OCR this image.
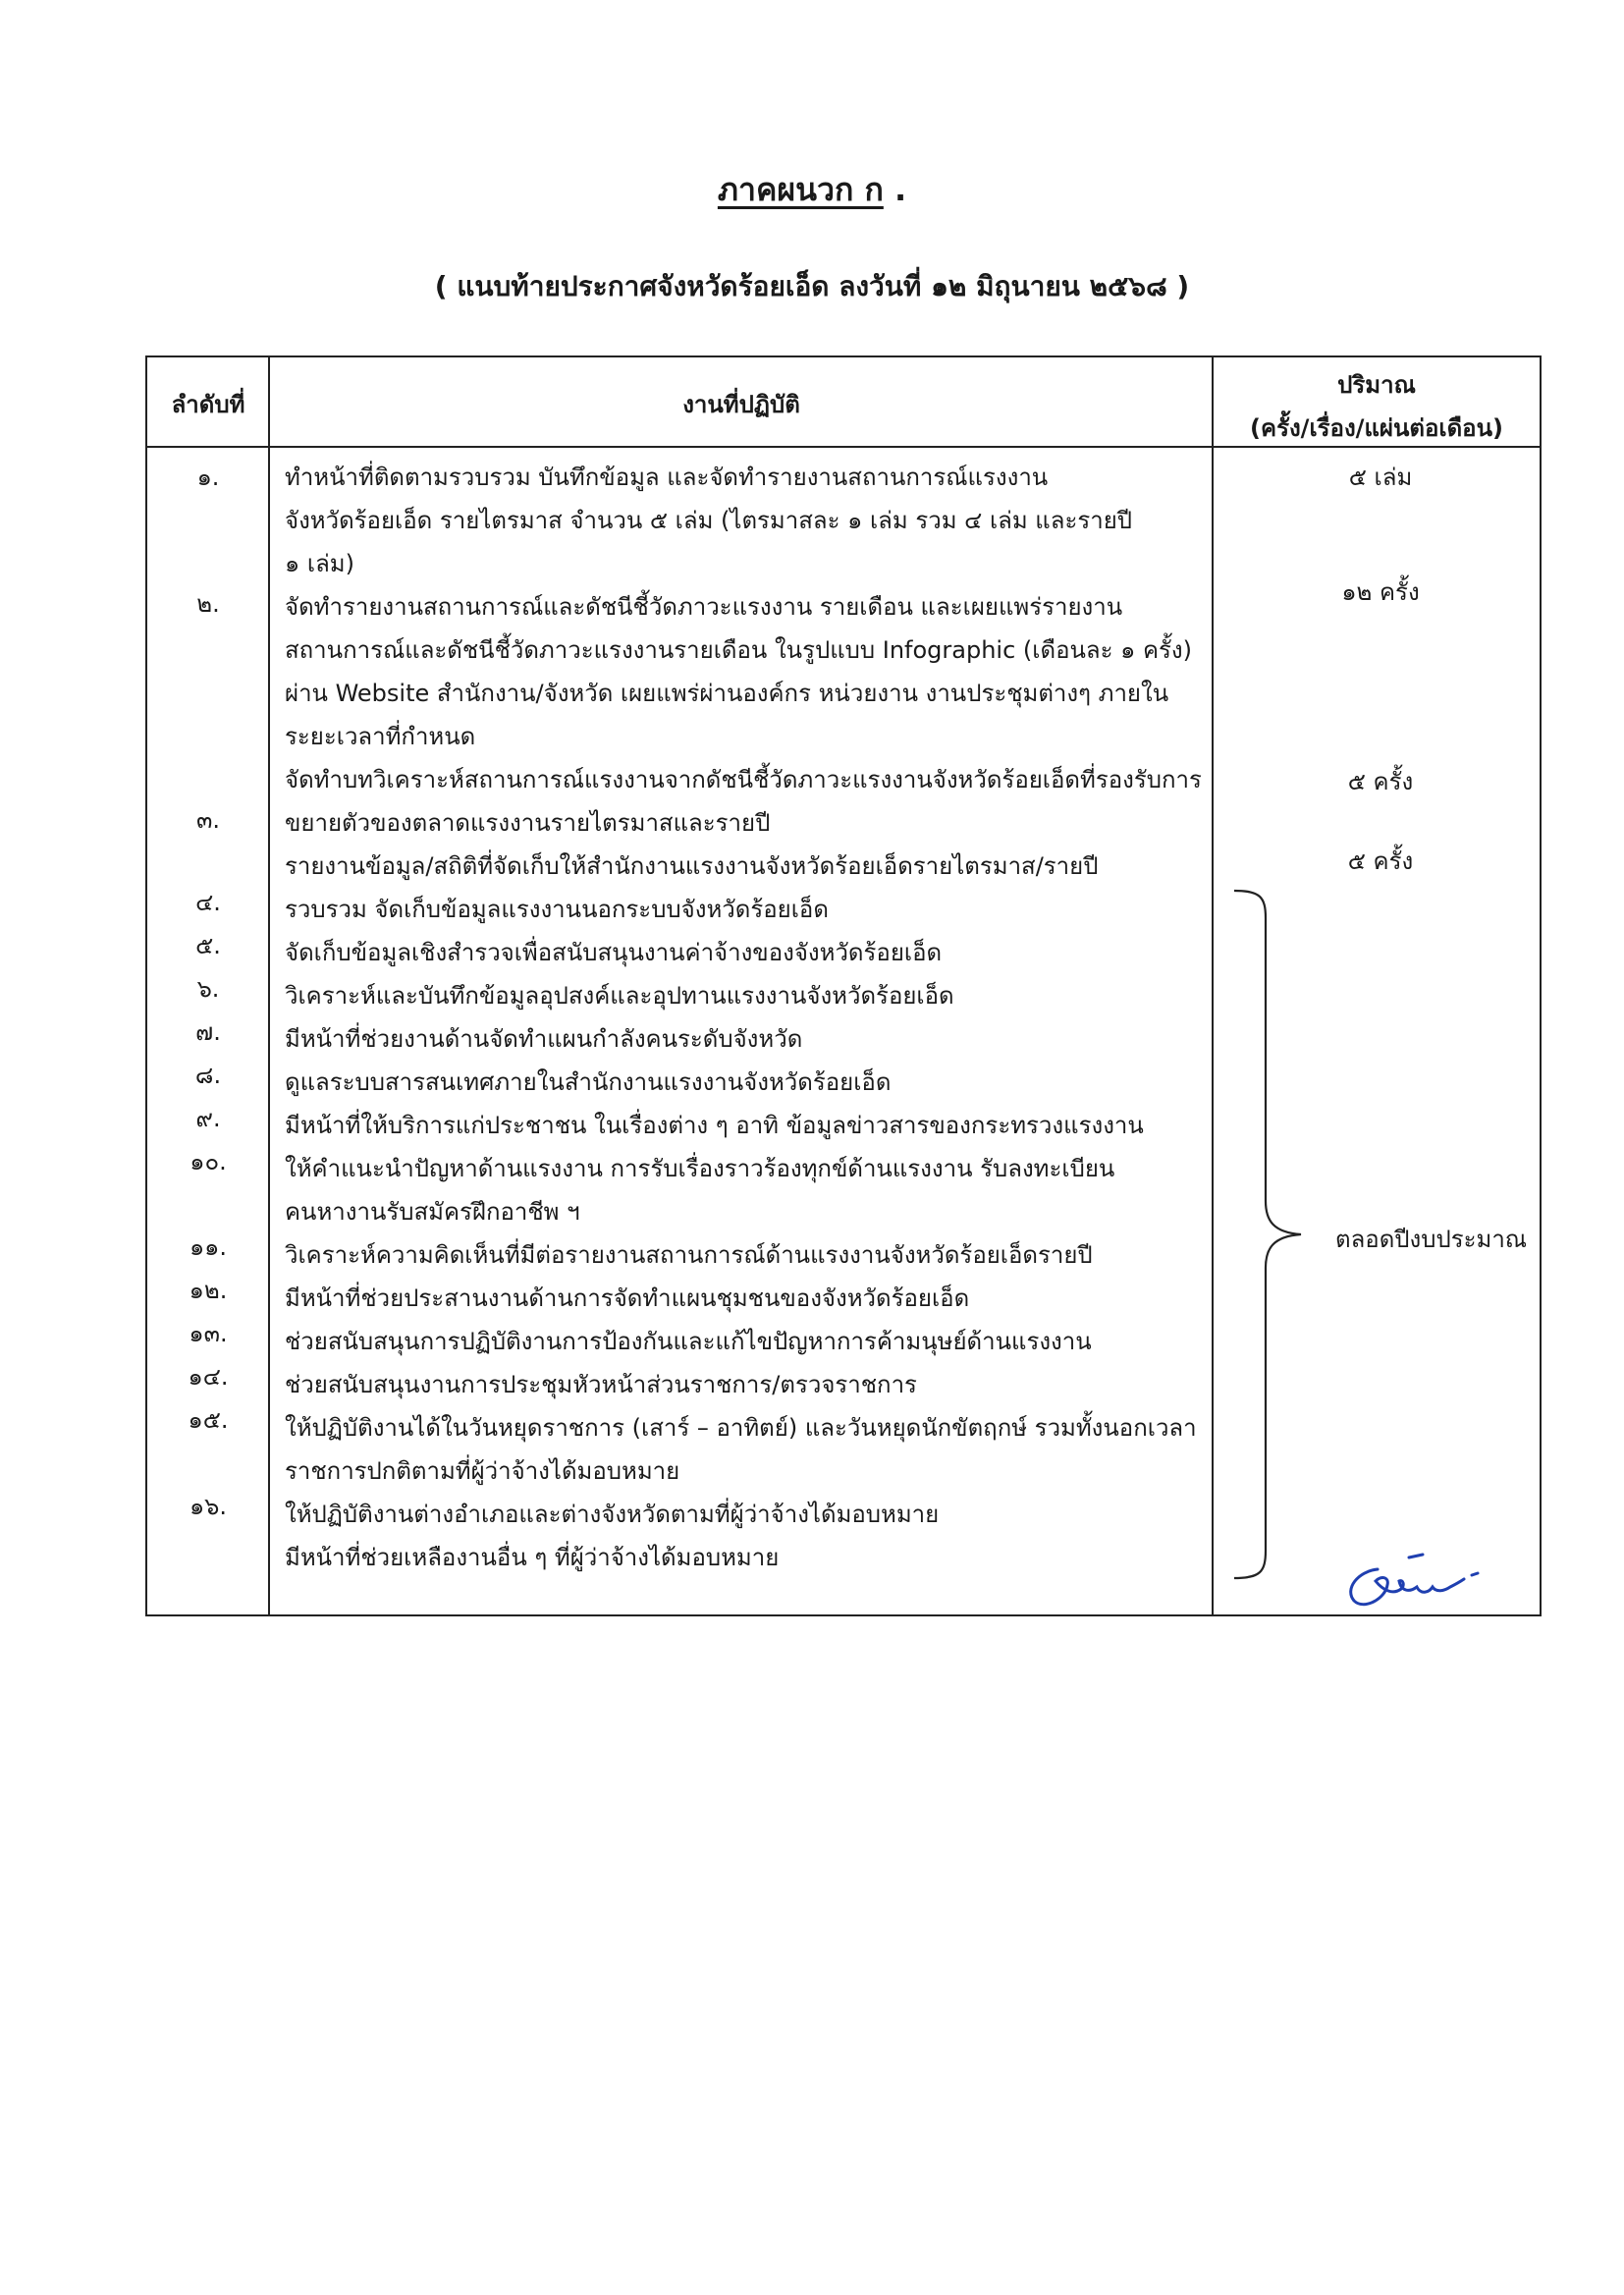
ภาคผนวก ก .
( แนบท้ายประกาศจังหวัดร้อยเอ็ด ลงวันที่ ๑๒ มิถุนายน ๒๕๖๘ )
ลำดับที่	งานที่ปฏิบัติ
ปริมาณ
(ครั้ง/เรื่อง/แผ่นต่อเดือน)
๑.
๒.
๓.
๔.
๕.
๖.
๗.
๘.
๙.
๑๐.
๑๑.
๑๒.
๑๓.
๑๔.
๑๕.
๑๖.
ทำหน้าที่ติดตามรวบรวม บันทึกข้อมูล และจัดทำรายงานสถานการณ์แรงงาน
จังหวัดร้อยเอ็ด รายไตรมาส จำนวน ๕ เล่ม (ไตรมาสละ ๑ เล่ม รวม ๔ เล่ม และรายปี
๑ เล่ม)
จัดทำรายงานสถานการณ์และดัชนีชี้วัดภาวะแรงงาน รายเดือน และเผยแพร่รายงาน
สถานการณ์และดัชนีชี้วัดภาวะแรงงานรายเดือน ในรูปแบบ Infographic (เดือนละ ๑ ครั้ง)
ผ่าน Website สำนักงาน/จังหวัด เผยแพร่ผ่านองค์กร หน่วยงาน งานประชุมต่างๆ ภายใน
ระยะเวลาที่กำหนด
จัดทำบทวิเคราะห์สถานการณ์แรงงานจากดัชนีชี้วัดภาวะแรงงานจังหวัดร้อยเอ็ดที่รองรับการ
ขยายตัวของตลาดแรงงานรายไตรมาสและรายปี
รายงานข้อมูล/สถิติที่จัดเก็บให้สำนักงานแรงงานจังหวัดร้อยเอ็ดรายไตรมาส/รายปี
รวบรวม จัดเก็บข้อมูลแรงงานนอกระบบจังหวัดร้อยเอ็ด
จัดเก็บข้อมูลเชิงสำรวจเพื่อสนับสนุนงานค่าจ้างของจังหวัดร้อยเอ็ด
วิเคราะห์และบันทึกข้อมูลอุปสงค์และอุปทานแรงงานจังหวัดร้อยเอ็ด
มีหน้าที่ช่วยงานด้านจัดทำแผนกำลังคนระดับจังหวัด
ดูแลระบบสารสนเทศภายในสำนักงานแรงงานจังหวัดร้อยเอ็ด
มีหน้าที่ให้บริการแก่ประชาชน ในเรื่องต่าง ๆ อาทิ ข้อมูลข่าวสารของกระทรวงแรงงาน
ให้คำแนะนำปัญหาด้านแรงงาน การรับเรื่องราวร้องทุกข์ด้านแรงงาน รับลงทะเบียน
คนหางานรับสมัครฝึกอาชีพ ฯ
วิเคราะห์ความคิดเห็นที่มีต่อรายงานสถานการณ์ด้านแรงงานจังหวัดร้อยเอ็ดรายปี
มีหน้าที่ช่วยประสานงานด้านการจัดทำแผนชุมชนของจังหวัดร้อยเอ็ด
ช่วยสนับสนุนการปฏิบัติงานการป้องกันและแก้ไขปัญหาการค้ามนุษย์ด้านแรงงาน
ช่วยสนับสนุนงานการประชุมหัวหน้าส่วนราชการ/ตรวจราชการ
ให้ปฏิบัติงานได้ในวันหยุดราชการ (เสาร์ – อาทิตย์) และวันหยุดนักขัตฤกษ์ รวมทั้งนอกเวลา
ราชการปกติตามที่ผู้ว่าจ้างได้มอบหมาย
ให้ปฏิบัติงานต่างอำเภอและต่างจังหวัดตามที่ผู้ว่าจ้างได้มอบหมาย
มีหน้าที่ช่วยเหลืองานอื่น ๆ ที่ผู้ว่าจ้างได้มอบหมาย
๕ เล่ม
๑๒ ครั้ง
๕ ครั้ง
๕ ครั้ง
ตลอดปีงบประมาณ
